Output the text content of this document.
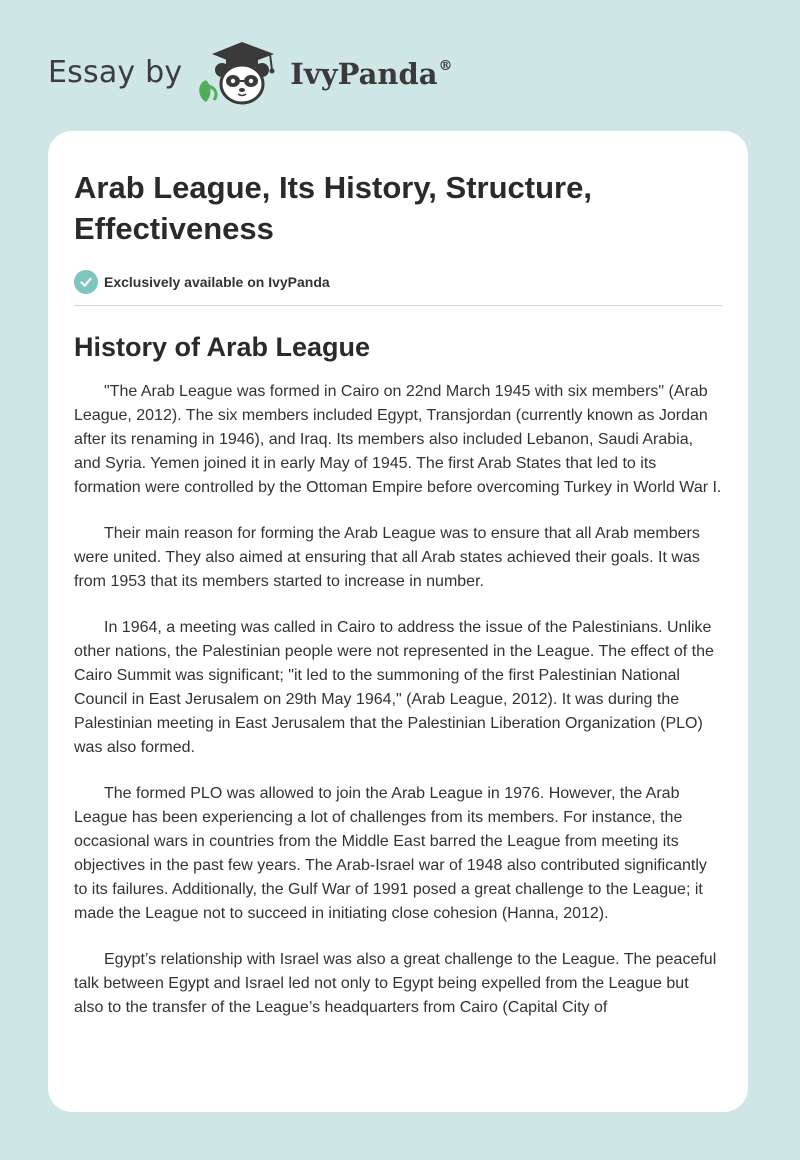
Essay by	IvyPanda®
Arab League, Its History, Structure, Effectiveness
Exclusively available on IvyPanda
History of Arab League

"The Arab League was formed in Cairo on 22nd March 1945 with six members" (Arab League, 2012). The six members included Egypt, Transjordan (currently known as Jordan after its renaming in 1946), and Iraq. Its members also included Lebanon, Saudi Arabia, and Syria. Yemen joined it in early May of 1945. The first Arab States that led to its formation were controlled by the Ottoman Empire before overcoming Turkey in World War I.

Their main reason for forming the Arab League was to ensure that all Arab members were united. They also aimed at ensuring that all Arab states achieved their goals. It was from 1953 that its members started to increase in number.

In 1964, a meeting was called in Cairo to address the issue of the Palestinians. Unlike other nations, the Palestinian people were not represented in the League. The effect of the Cairo Summit was significant; "it led to the summoning of the first Palestinian National Council in East Jerusalem on 29th May 1964," (Arab League, 2012). It was during the Palestinian meeting in East Jerusalem that the Palestinian Liberation Organization (PLO) was also formed.

The formed PLO was allowed to join the Arab League in 1976. However, the Arab League has been experiencing a lot of challenges from its members. For instance, the occasional wars in countries from the Middle East barred the League from meeting its objectives in the past few years. The Arab-Israel war of 1948 also contributed significantly to its failures. Additionally, the Gulf War of 1991 posed a great challenge to the League; it made the League not to succeed in initiating close cohesion (Hanna, 2012).

Egypt’s relationship with Israel was also a great challenge to the League. The peaceful talk between Egypt and Israel led not only to Egypt being expelled from the League but also to the transfer of the League’s headquarters from Cairo (Capital City of
